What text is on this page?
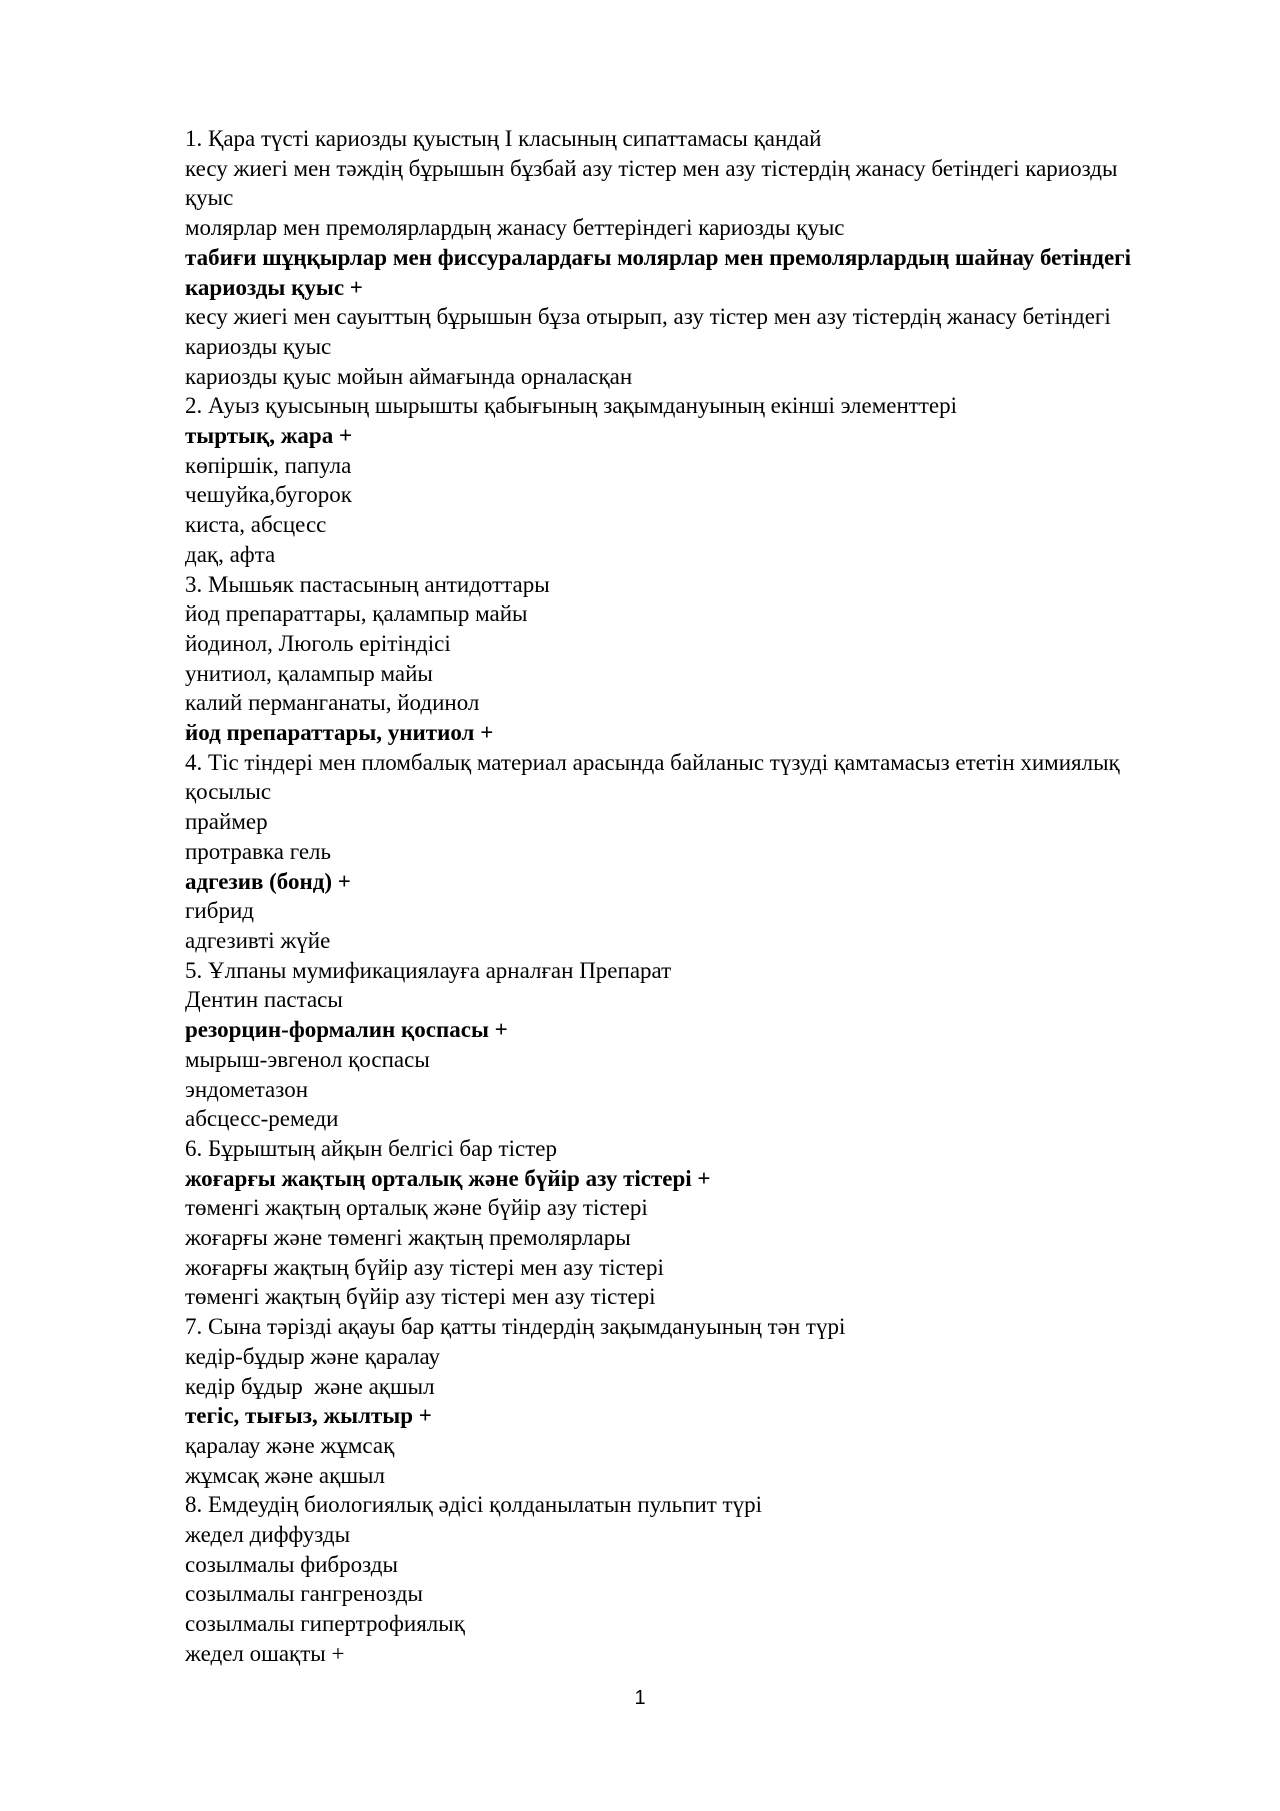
1. Қара түсті кариозды қуыстың I класының сипаттамасы қандай

кесу жиегі мен тәждің бұрышын бұзбай азу тістер мен азу тістердің жанасу бетіндегі кариозды қуыс

молярлар мен премолярлардың жанасу беттеріндегі кариозды қуыс

табиғи шұңқырлар мен фиссуралардағы молярлар мен премолярлардың шайнау бетіндегі кариозды қуыс +

кесу жиегі мен сауыттың бұрышын бұза отырып, азу тістер мен азу тістердің жанасу бетіндегі кариозды қуыс

кариозды қуыс мойын аймағында орналасқан

2. Ауыз қуысының шырышты қабығының зақымдануының екінші элементтері

тыртық, жара +

көпіршік, папула

чешуйка,бугорок

киста, абсцесс

дақ, афта

3. Мышьяк пастасының антидоттары

йод препараттары, қалампыр майы

йодинол, Люголь ерітіндісі

унитиол, қалампыр майы

калий перманганаты, йодинол

йод препараттары, унитиол +

4. Тіс тіндері мен пломбалық материал арасында байланыс түзуді қамтамасыз ететін химиялық қосылыс

праймер

протравка гель

адгезив (бонд) +

гибрид

адгезивті жүйе

5. Ұлпаны мумификациялауға арналған Препарат

Дентин пастасы

резорцин-формалин қоспасы +

мырыш-эвгенол қоспасы

эндометазон

абсцесс-ремеди

6. Бұрыштың айқын белгісі бар тістер

жоғарғы жақтың орталық және бүйір азу тістері +

төменгі жақтың орталық және бүйір азу тістері

жоғарғы және төменгі жақтың премолярлары

жоғарғы жақтың бүйір азу тістері мен азу тістері

төменгі жақтың бүйір азу тістері мен азу тістері

7. Сына тәрізді ақауы бар қатты тіндердің зақымдануының тән түрі

кедір-бұдыр және қаралау

кедір бұдыр  және ақшыл

тегіс, тығыз, жылтыр +

қаралау және жұмсақ

жұмсақ және ақшыл

8. Емдеудің биологиялық әдісі қолданылатын пульпит түрі

жедел диффузды

созылмалы фиброзды

созылмалы гангренозды

созылмалы гипертрофиялық

жедел ошақты +

1
